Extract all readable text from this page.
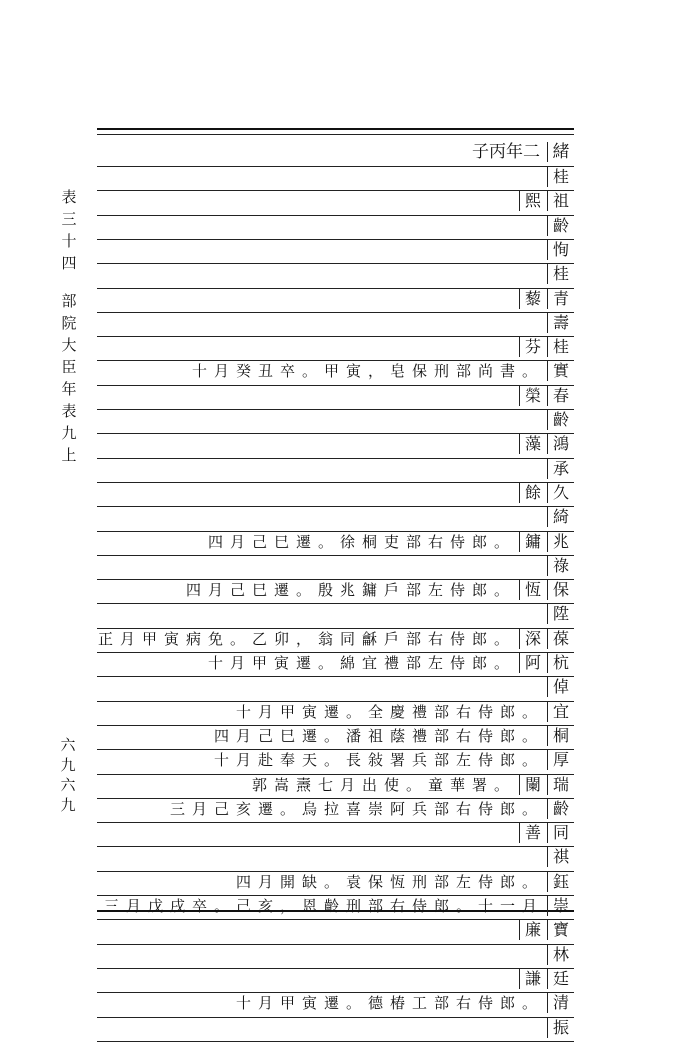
表三十四
部院大臣年表九上
六九六九
緒
子丙年二
桂
祖
熙
齡
恂
桂
青
藜
壽
桂
芬
實
十月癸丑卒。甲寅，皂保刑部尚書。
春
榮
齡
鴻
藻
承
久
餘
綺
兆
鏞
四月己巳遷。徐桐吏部右侍郎。
祿
保
恆
四月己巳遷。殷兆鏞戶部左侍郎。
陞
葆
深
正月甲寅病免。乙卯，翁同龢戶部右侍郎。
杭
阿
十月甲寅遷。綿宜禮部左侍郎。
倬
宜
十月甲寅遷。全慶禮部右侍郎。
桐
四月己巳遷。潘祖蔭禮部右侍郎。
厚
十月赴奉天。長敍署兵部左侍郎。
瑞
闌
郭嵩燾七月出使。童華署。
齡
三月己亥遷。烏拉喜崇阿兵部右侍郎。
同
善
祺
鈺
四月開缺。袁保恆刑部左侍郎。
崇
三月戊戌卒。己亥，恩齡刑部右侍郎。十一月
寶
廉
林
廷
謙
清
十月甲寅遷。德椿工部右侍郎。
振
